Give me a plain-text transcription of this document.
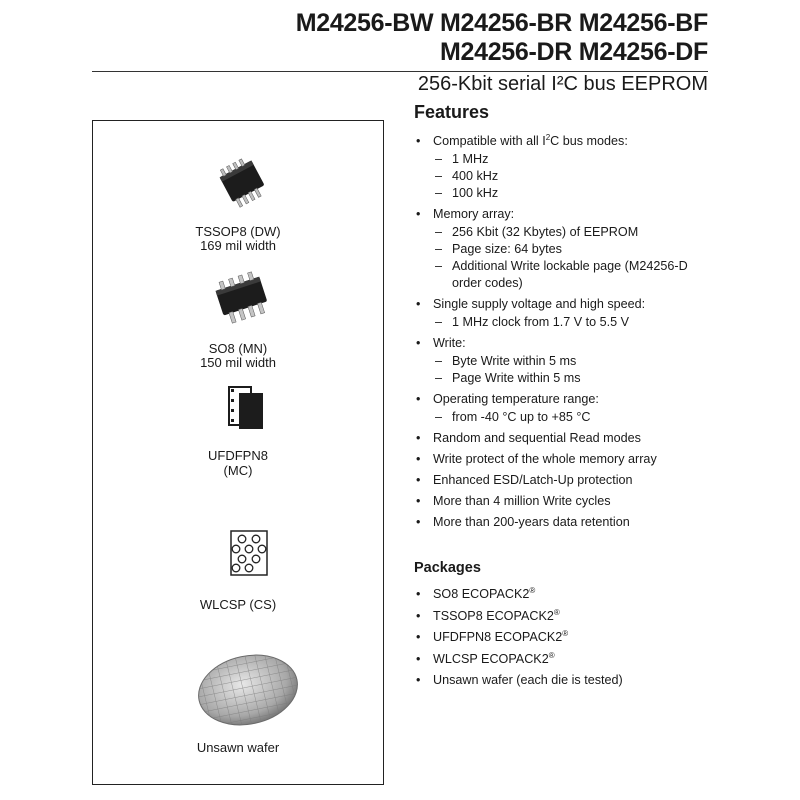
M24256-BW M24256-BR M24256-BF
M24256-DR M24256-DF
256-Kbit serial I²C bus EEPROM
TSSOP8 (DW)
169 mil width
SO8 (MN)
150 mil width
UFDFPN8
(MC)
WLCSP (CS)
Unsawn wafer
Features
• Compatible with all $I^2C$ bus modes:
– 1 MHz
– 400 kHz
– 100 kHz
• Memory array:
– 256 Kbit (32 Kbytes) of EEPROM
– Page size: 64 bytes
– Additional Write lockable page (M24256-D order codes)
• Single supply voltage and high speed:
– 1 MHz clock from 1.7 V to 5.5 V
• Write:
– Byte Write within 5 ms
– Page Write within 5 ms
• Operating temperature range:
– from -40 °C up to +85 °C
• Random and sequential Read modes
• Write protect of the whole memory array
• Enhanced ESD/Latch-Up protection
• More than 4 million Write cycles
• More than 200-years data retention
Packages
• SO8 ECOPACK2®
• TSSOP8 ECOPACK2®
• UFDFPN8 ECOPACK2®
• WLCSP ECOPACK2®
• Unsawn wafer (each die is tested)
